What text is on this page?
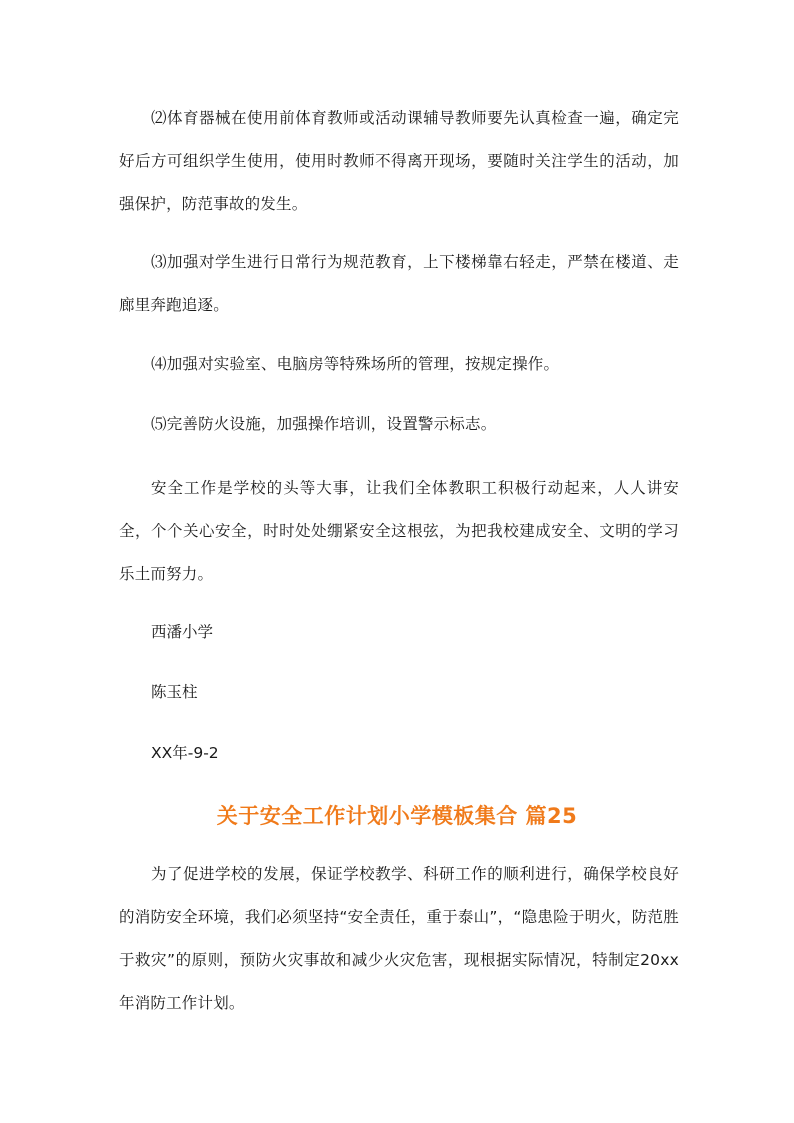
⑵体育器械在使用前体育教师或活动课辅导教师要先认真检查一遍，确定完好后方可组织学生使用，使用时教师不得离开现场，要随时关注学生的活动，加强保护，防范事故的发生。

⑶加强对学生进行日常行为规范教育，上下楼梯靠右轻走，严禁在楼道、走廊里奔跑追逐。

⑷加强对实验室、电脑房等特殊场所的管理，按规定操作。

⑸完善防火设施，加强操作培训，设置警示标志。

安全工作是学校的头等大事，让我们全体教职工积极行动起来，人人讲安全，个个关心安全，时时处处绷紧安全这根弦，为把我校建成安全、文明的学习乐土而努力。

西潘小学

陈玉柱

XX年-9-2

关于安全工作计划小学模板集合 篇25

为了促进学校的发展，保证学校教学、科研工作的顺利进行，确保学校良好的消防安全环境，我们必须坚持“安全责任，重于泰山”，“隐患险于明火，防范胜于救灾”的原则，预防火灾事故和减少火灾危害，现根据实际情况，特制定20xx年消防工作计划。
